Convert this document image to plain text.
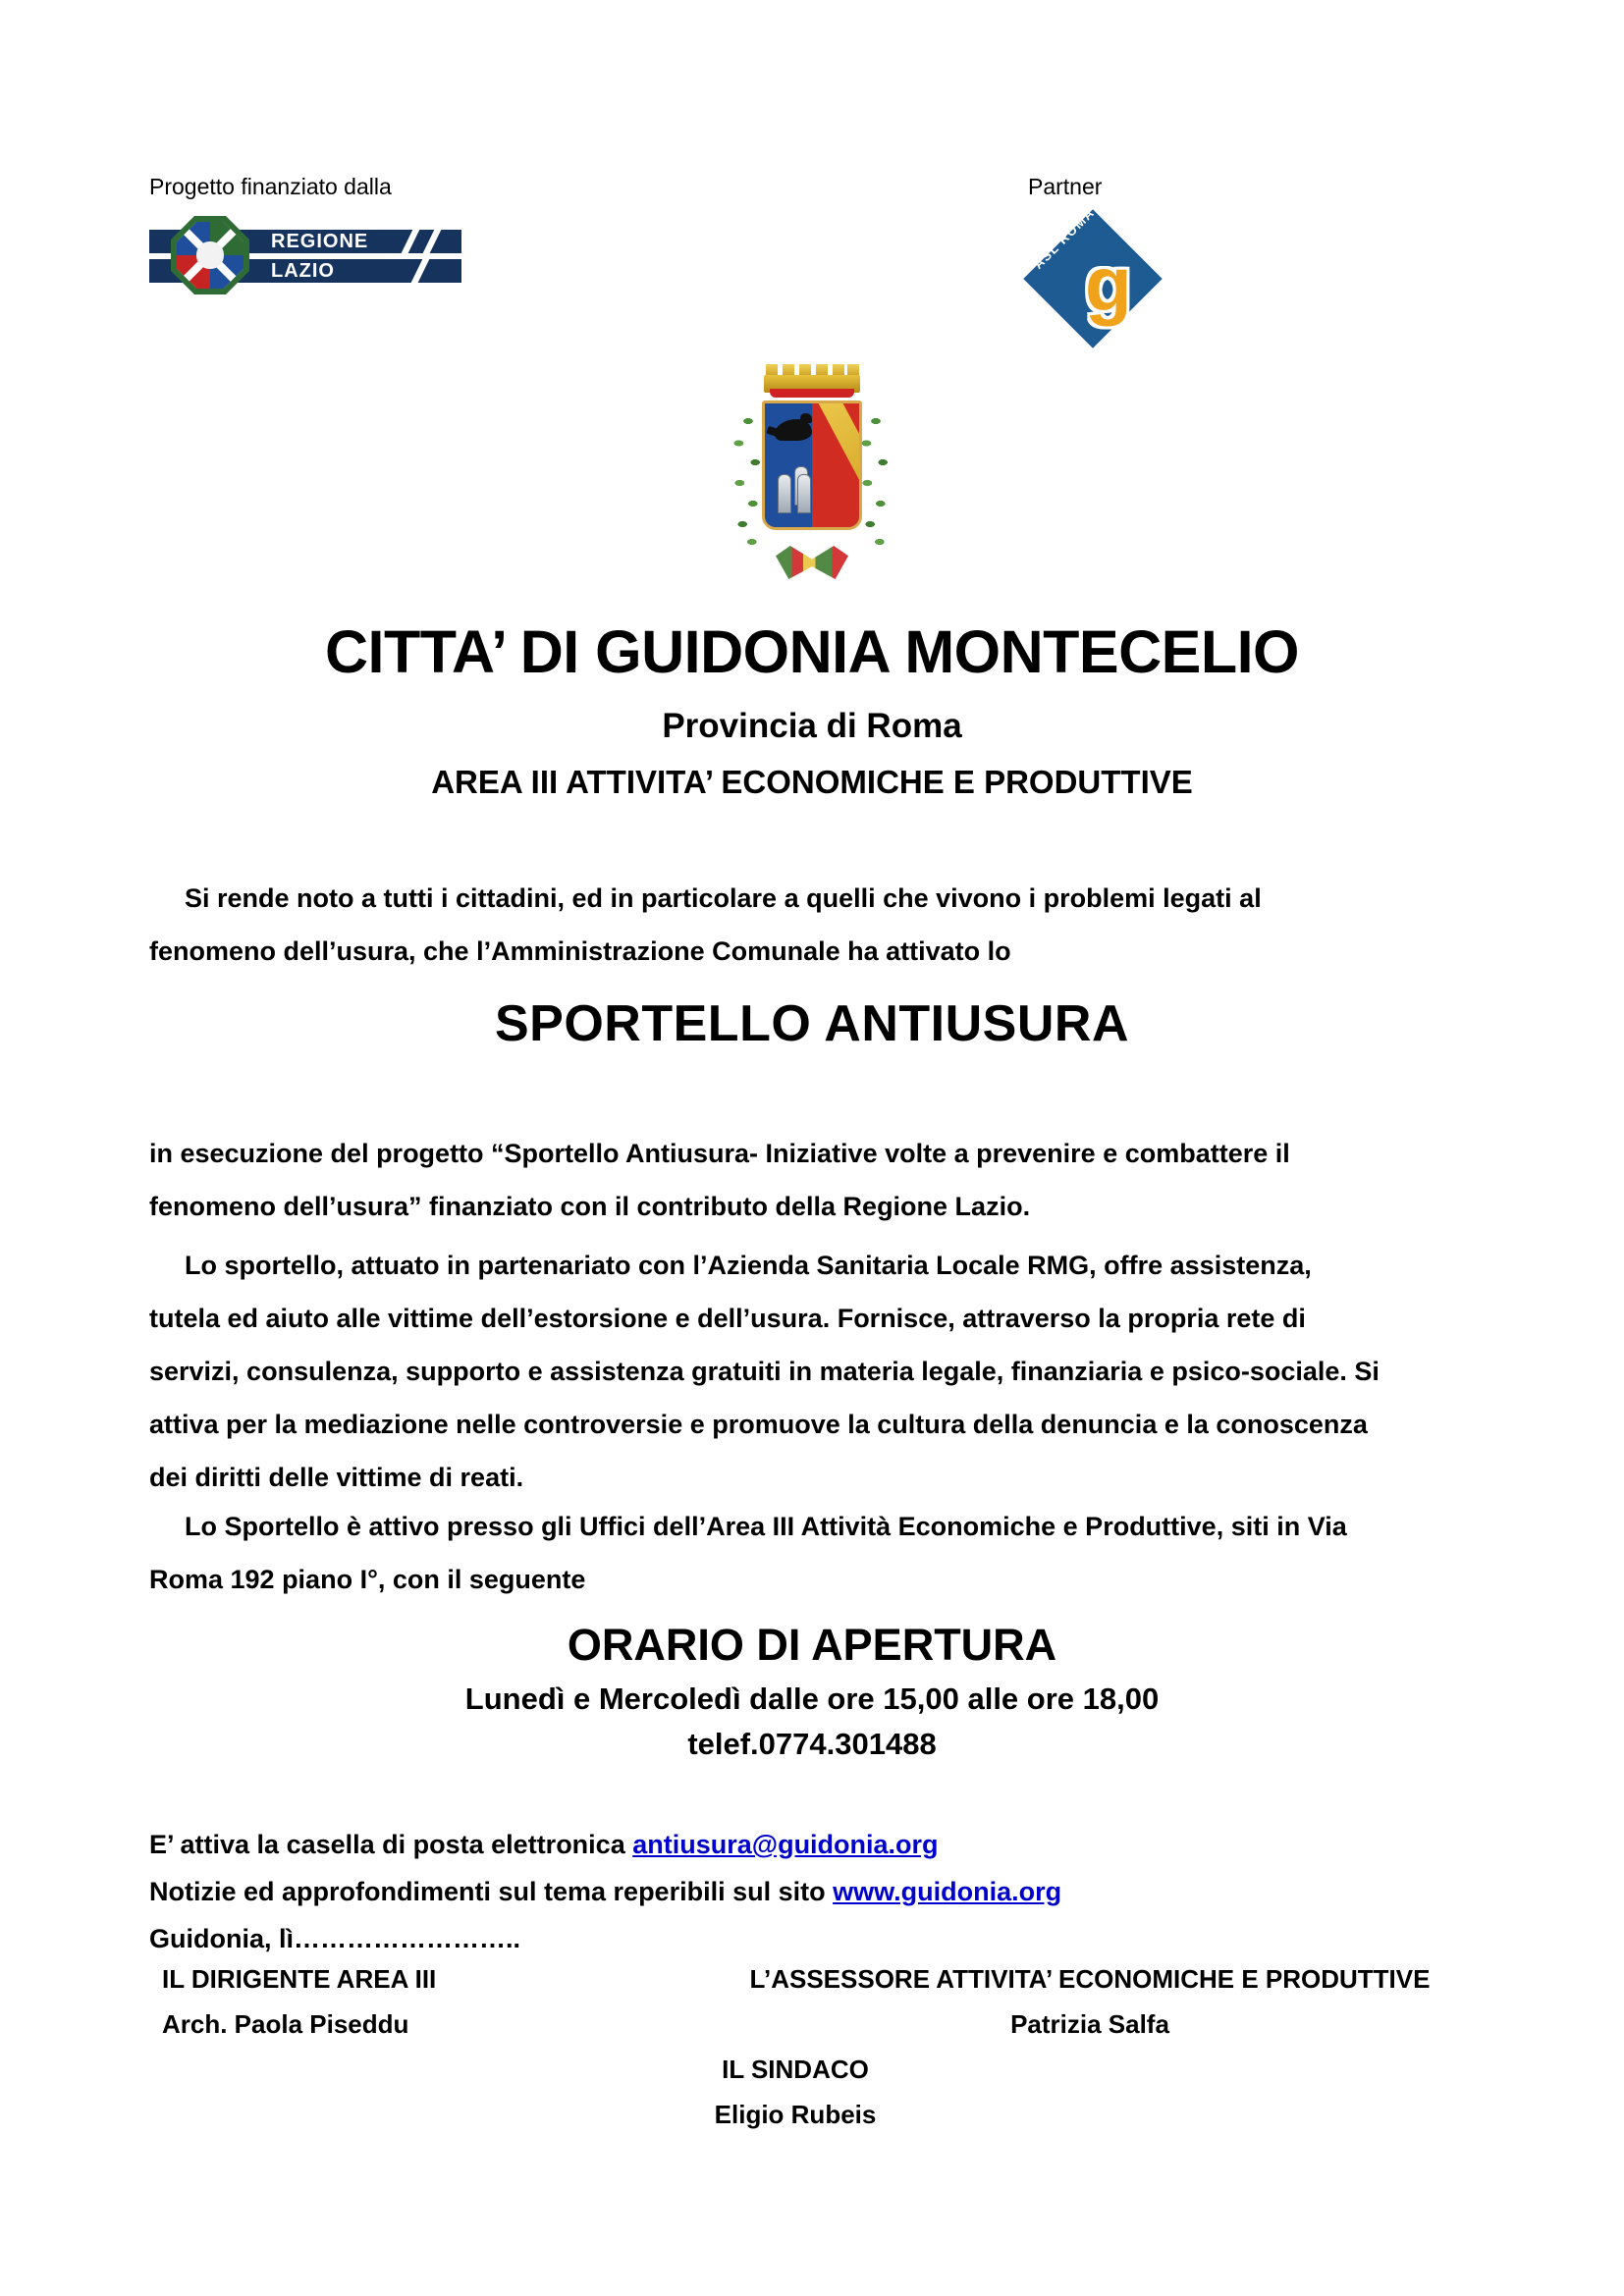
Progetto finanziato dalla
REGIONE
LAZIO
Partner
ASL ROMA
g
CITTA’ DI GUIDONIA MONTECELIO
Provincia di Roma
AREA III ATTIVITA’ ECONOMICHE E PRODUTTIVE
Si rende noto a tutti i cittadini, ed in particolare a quelli che vivono i problemi legati al
fenomeno dell’usura, che l’Amministrazione Comunale ha attivato lo
SPORTELLO ANTIUSURA
in esecuzione del progetto “Sportello Antiusura- Iniziative volte a prevenire e combattere il
fenomeno dell’usura” finanziato con il contributo della Regione Lazio.
Lo sportello, attuato in partenariato con l’Azienda Sanitaria Locale RMG, offre assistenza,
tutela ed aiuto alle vittime dell’estorsione e dell’usura. Fornisce, attraverso la propria rete di
servizi, consulenza, supporto e assistenza gratuiti in materia legale, finanziaria e psico-sociale. Si
attiva per la mediazione nelle controversie e promuove la cultura della denuncia e la conoscenza
dei diritti delle vittime di reati.
Lo Sportello è attivo presso gli Uffici dell’Area III Attività Economiche e Produttive, siti in Via
Roma 192 piano I°, con il seguente
ORARIO DI APERTURA
Lunedì e Mercoledì dalle ore 15,00 alle ore 18,00
telef.0774.301488
E’ attiva la casella di posta elettronica antiusura@guidonia.org
Notizie ed approfondimenti sul tema reperibili sul sito www.guidonia.org
Guidonia, lì……………………..
IL DIRIGENTE AREA III	L’ASSESSORE ATTIVITA’ ECONOMICHE E PRODUTTIVE
Arch. Paola Piseddu	Patrizia Salfa
IL SINDACO
Eligio Rubeis
